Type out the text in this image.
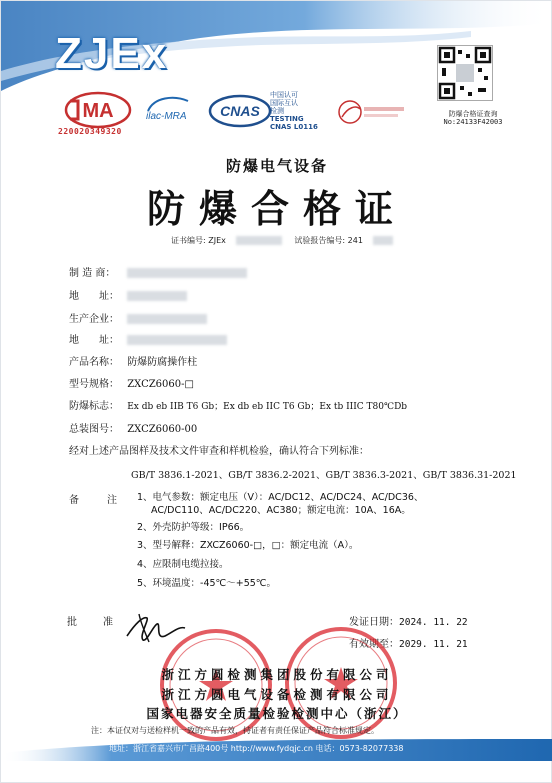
ZJEx
MA
220020349320
ilac-MRA CNAS
中国认可
国际互认
检测
TESTING
CNAS L0116
防爆合格证查询
No:24133F42003
防爆电气设备
防爆合格证
证书编号: ZJEx	试验报告编号: 241
制 造 商：
地　　址：
生产企业：
地　　址：
产品名称： 防爆防腐操作柱
型号规格： ZXCZ6060-□
防爆标志： Ex db eb IIB T6 Gb；Ex db eb IIC T6 Gb；Ex tb IIIC T80℃Db
总装图号： ZXCZ6060-00
经对上述产品图样及技术文件审查和样机检验，确认符合下列标准：
GB/T 3836.1-2021、GB/T 3836.2-2021、GB/T 3836.3-2021、GB/T 3836.31-2021
备注
1、电气参数：额定电压（V）：AC/DC12、AC/DC24、AC/DC36、
AC/DC110、AC/DC220、AC380；额定电流：10A、16A。
2、外壳防护等级：IP66。
3、型号解释：ZXCZ6060-□，□：额定电流（A）。
4、应限制电缆拉接。
5、环境温度：-45℃～+55℃。
批准	发证日期：2024. 11. 22
有效期至：2029. 11. 21
浙江方圆检测集团股份有限公司
浙江方圆电气设备检测有限公司
国家电器安全质量检验检测中心（浙江）
注：本证仅对与送检样机一致的产品有效，持证者有责任保证产品符合标准规定。
地址：浙江省嘉兴市广昌路400号 http://www.fydqjc.cn 电话：0573-82077338
